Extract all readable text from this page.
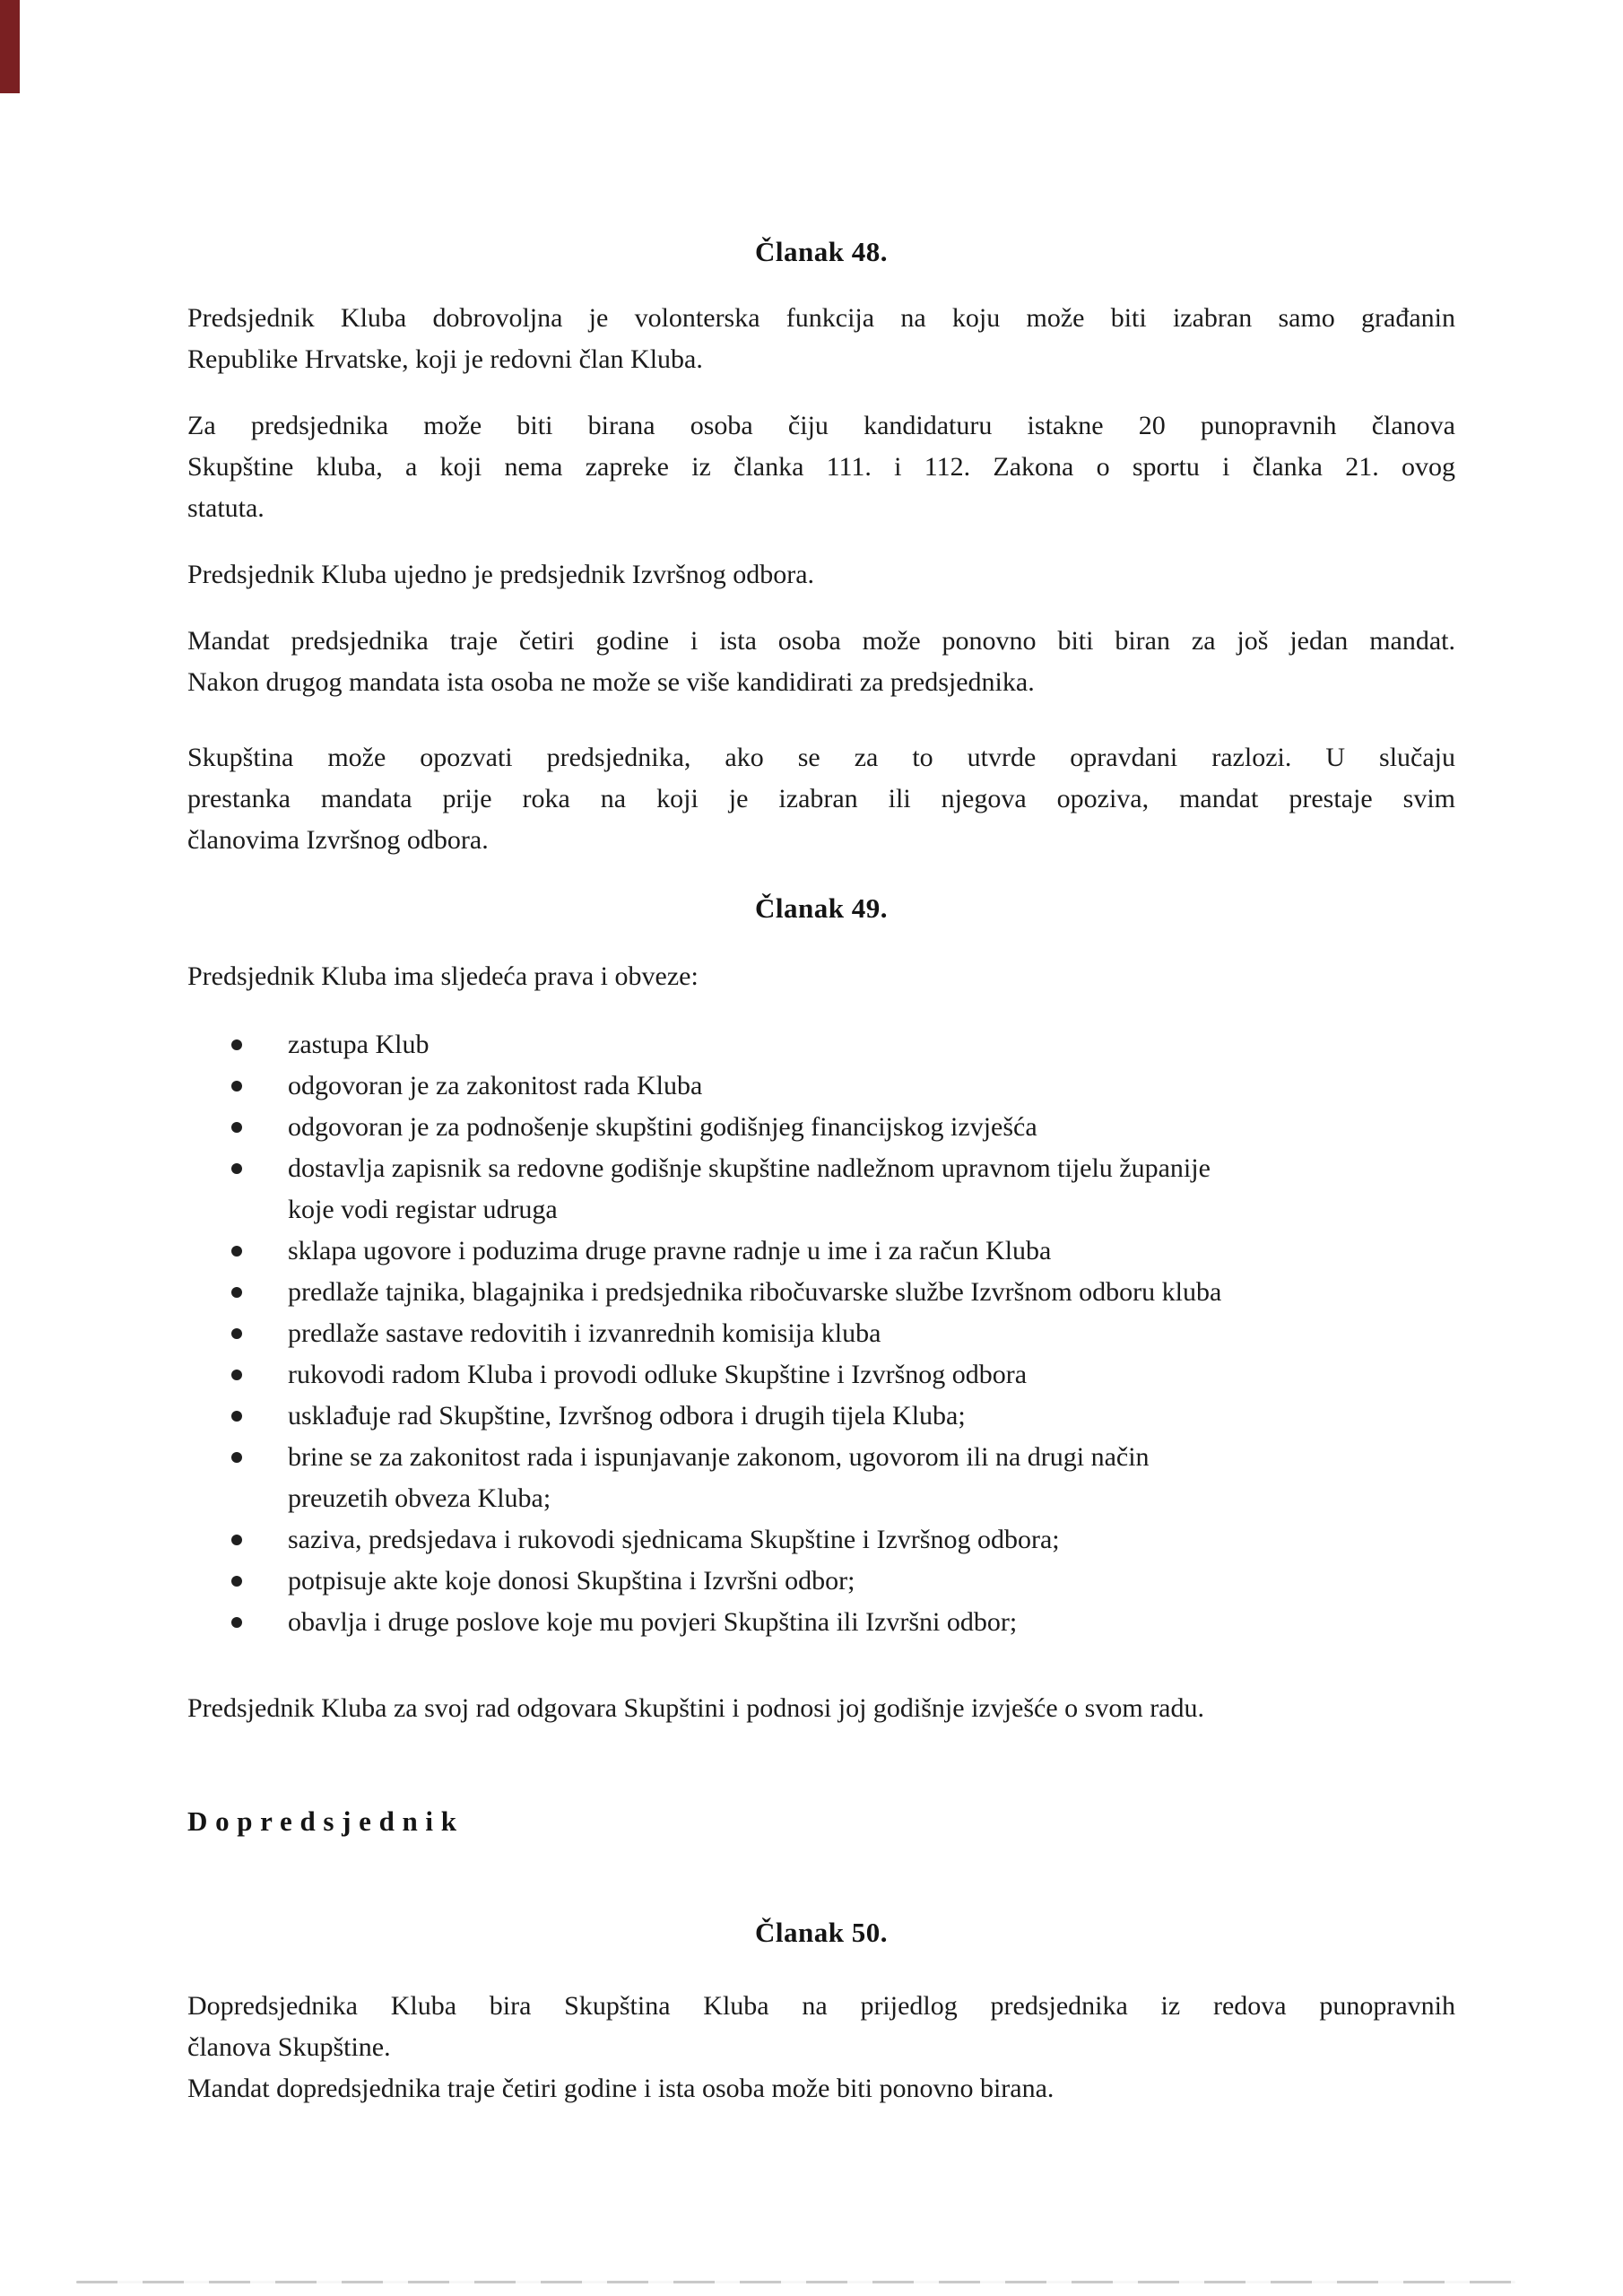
Članak 48.

Predsjednik Kluba dobrovoljna je volonterska funkcija na koju može biti izabran samo građanin
Republike Hrvatske, koji je redovni član Kluba.

Za predsjednika može biti birana osoba čiju kandidaturu istakne 20 punopravnih članova
Skupštine kluba, a koji nema zapreke iz članka 111. i 112. Zakona o sportu i članka 21. ovog
statuta.

Predsjednik Kluba ujedno je predsjednik Izvršnog odbora.

Mandat predsjednika traje četiri godine i ista osoba može ponovno biti biran za još jedan mandat.
Nakon drugog mandata ista osoba ne može se više kandidirati za predsjednika.

Skupština može opozvati predsjednika, ako se za to utvrde opravdani razlozi. U slučaju
prestanka mandata prije roka na koji je izabran ili njegova opoziva, mandat prestaje svim
članovima Izvršnog odbora.

Članak 49.

Predsjednik Kluba ima sljedeća prava i obveze:

zastupa Klub
odgovoran je za zakonitost rada Kluba
odgovoran je za podnošenje skupštini godišnjeg financijskog izvješća
dostavlja zapisnik sa redovne godišnje skupštine nadležnom upravnom tijelu županije
koje vodi registar udruga
sklapa ugovore i poduzima druge pravne radnje u ime i za račun Kluba
predlaže tajnika, blagajnika i predsjednika ribočuvarske službe Izvršnom odboru kluba
predlaže sastave redovitih i izvanrednih komisija kluba
rukovodi radom Kluba i provodi odluke Skupštine i Izvršnog odbora
usklađuje rad Skupštine, Izvršnog odbora i drugih tijela Kluba;
brine se za zakonitost rada i ispunjavanje zakonom, ugovorom ili na drugi način
preuzetih obveza Kluba;
saziva, predsjedava i rukovodi sjednicama Skupštine i Izvršnog odbora;
potpisuje akte koje donosi Skupština i Izvršni odbor;
obavlja i druge poslove koje mu povjeri Skupština ili Izvršni odbor;

Predsjednik Kluba za svoj rad odgovara Skupštini i podnosi joj godišnje izvješće o svom radu.

Dopredsjednik
Članak 50.

Dopredsjednika Kluba bira Skupština Kluba na prijedlog predsjednika iz redova punopravnih
članova Skupštine.
Mandat dopredsjednika traje četiri godine i ista osoba može biti ponovno birana.
